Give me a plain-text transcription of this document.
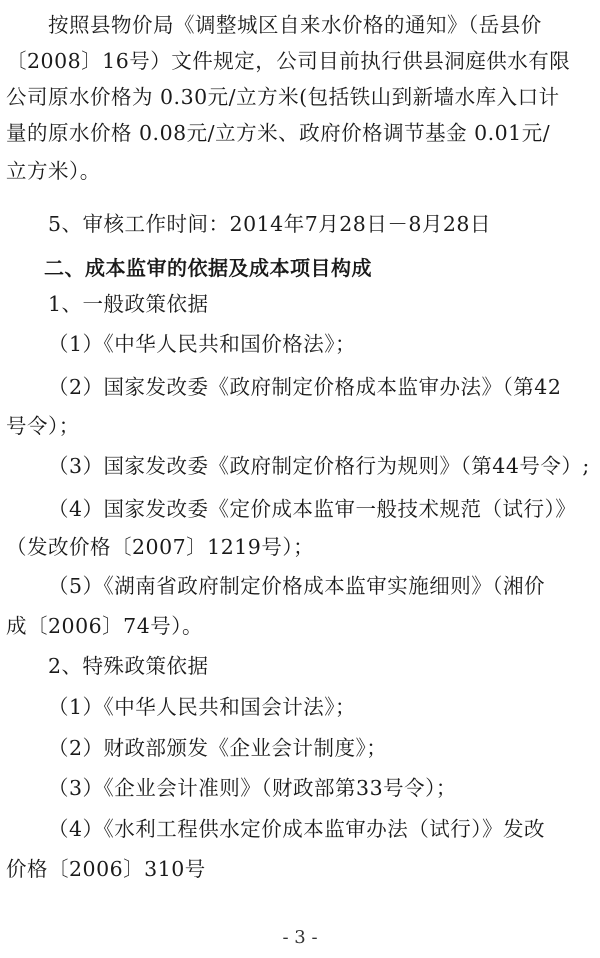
按照县物价局《调整城区自来水价格的通知》（岳县价
〔2008〕16号）文件规定，公司目前执行供县洞庭供水有限
公司原水价格为 0.30元/立方米(包括铁山到新墙水库入口计
量的原水价格 0.08元/立方米、政府价格调节基金 0.01元/
立方米）。
5、审核工作时间：2014年7月28日－8月28日
二、成本监审的依据及成本项目构成
1、一般政策依据
（1）《中华人民共和国价格法》；
（2）国家发改委《政府制定价格成本监审办法》（第42
号令）；
（3）国家发改委《政府制定价格行为规则》（第44号令）;
（4）国家发改委《定价成本监审一般技术规范（试行）》
（发改价格〔2007〕1219号）；
（5）《湖南省政府制定价格成本监审实施细则》（湘价
成〔2006〕74号）。
2、特殊政策依据
（1）《中华人民共和国会计法》；
（2）财政部颁发《企业会计制度》；
（3）《企业会计准则》（财政部第33号令）；
（4）《水利工程供水定价成本监审办法（试行）》发改
价格〔2006〕310号
- 3 -
